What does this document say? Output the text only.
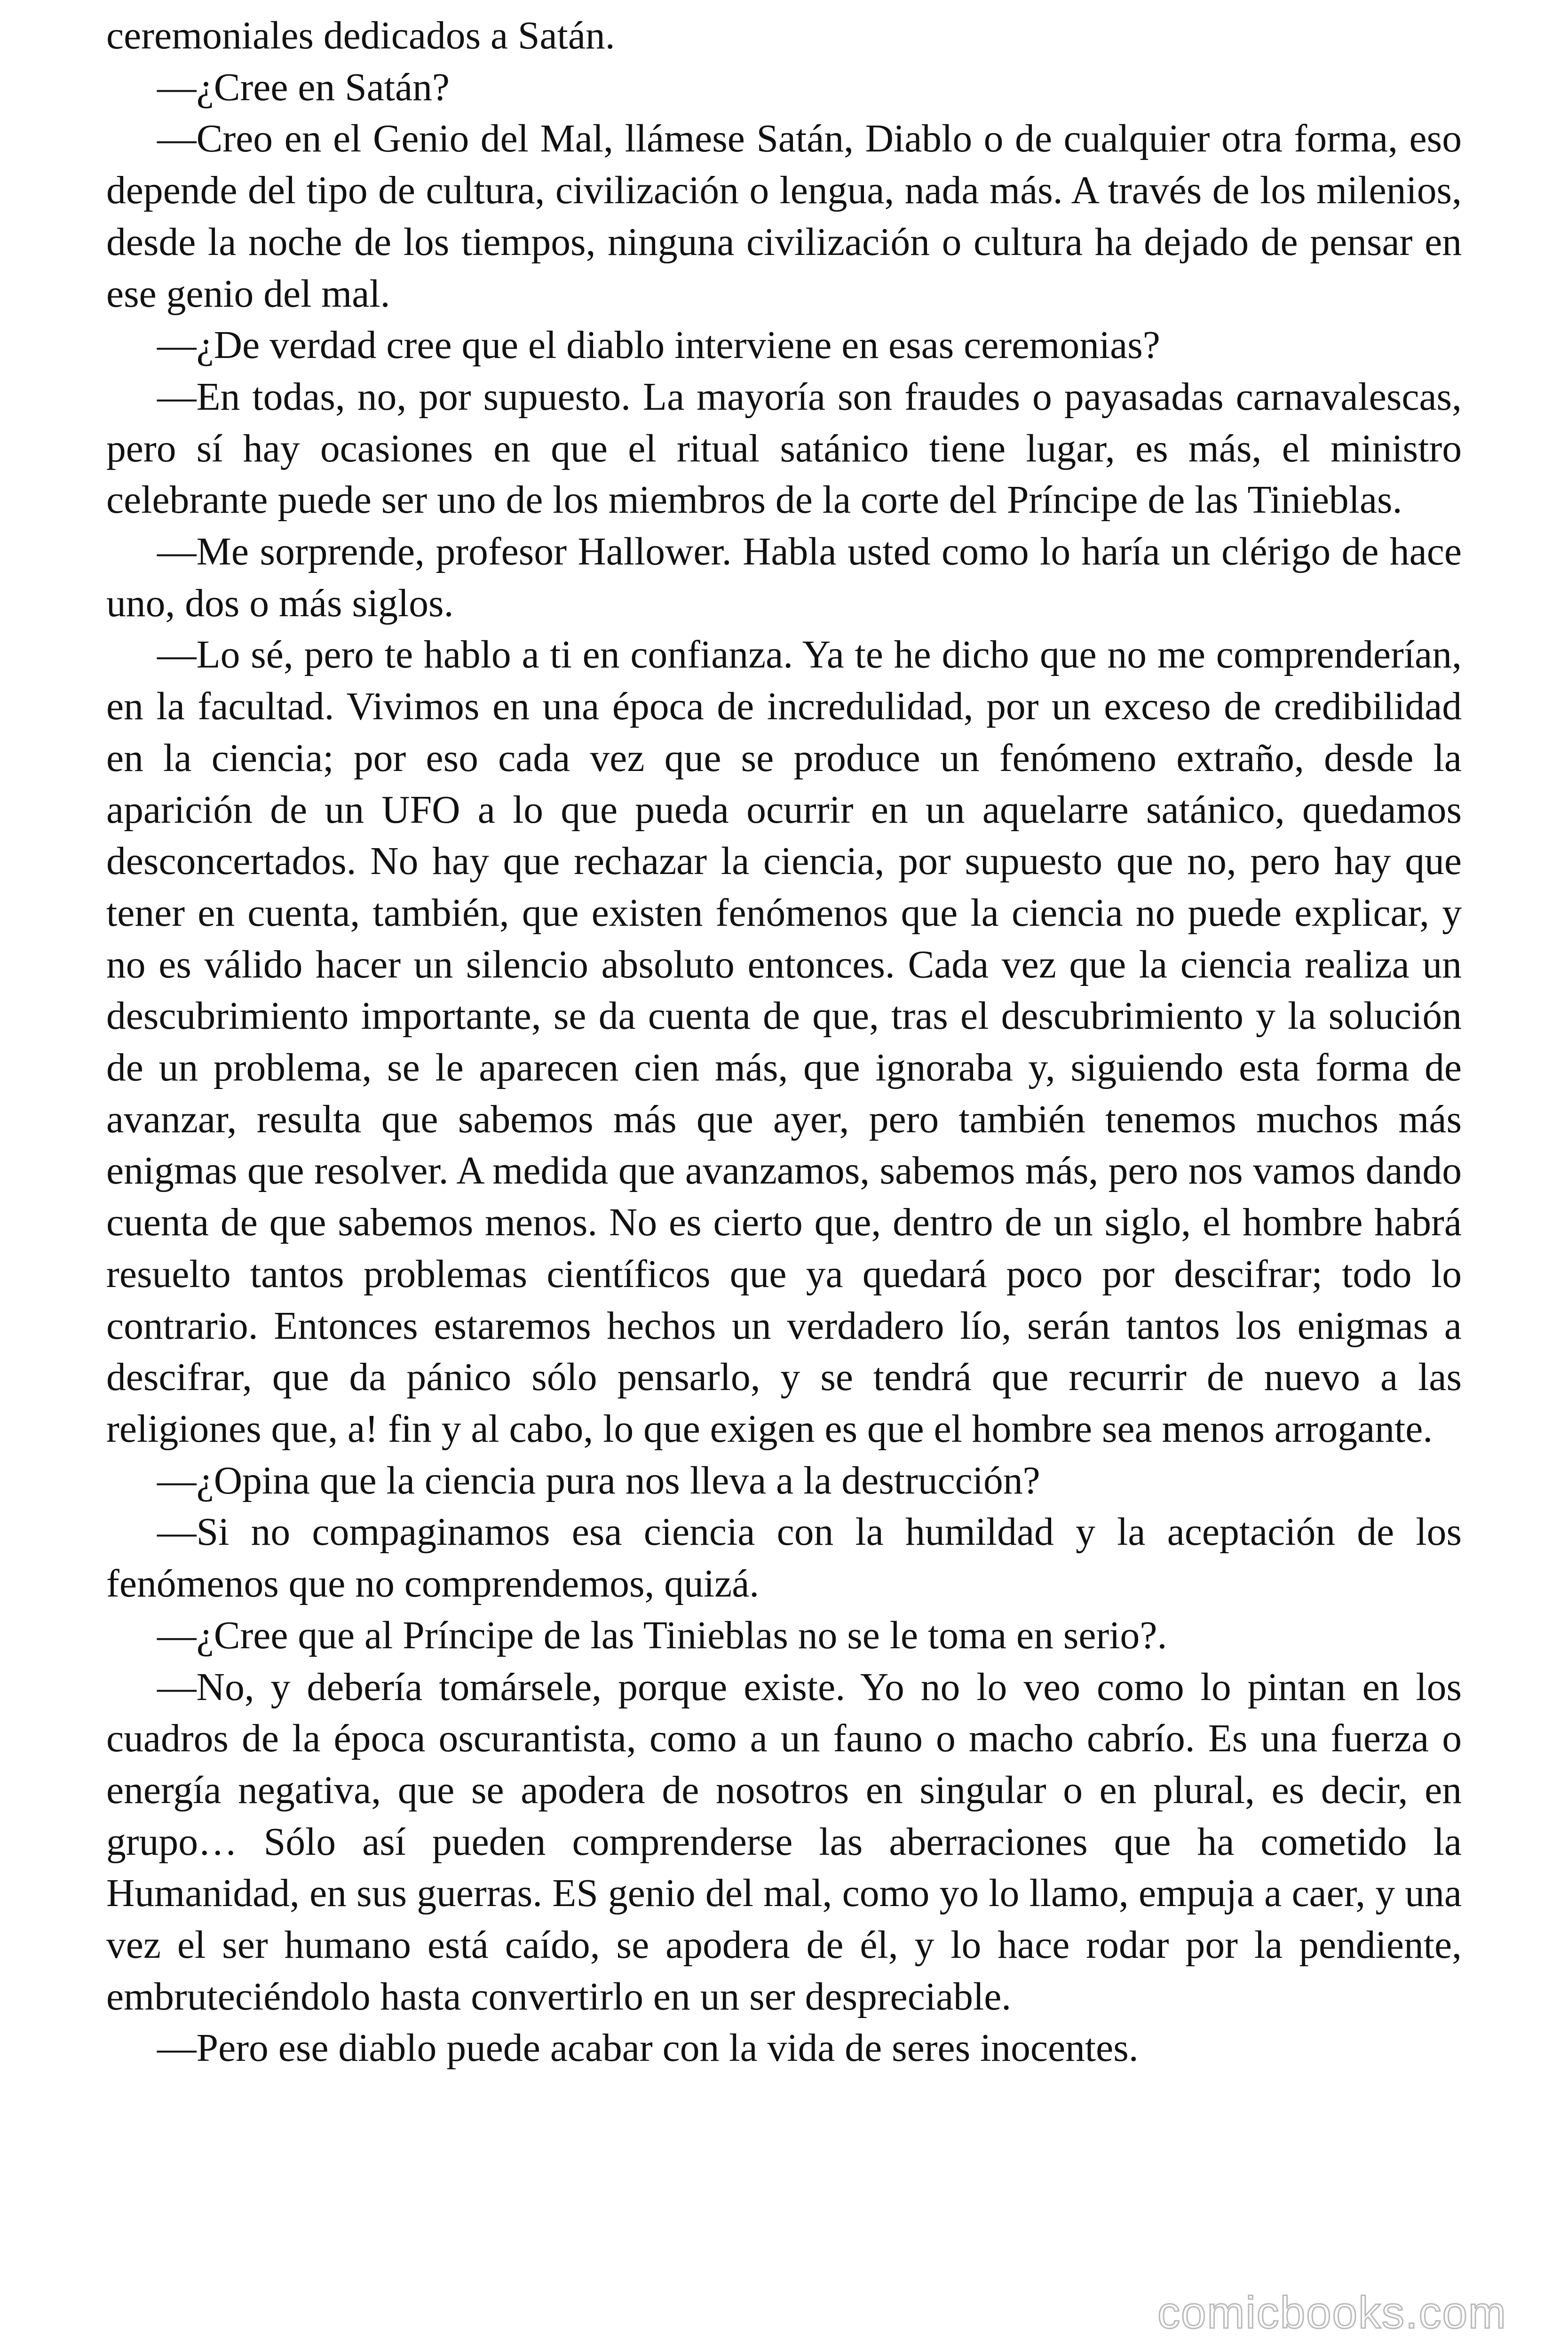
ceremoniales dedicados a Satán.

—¿Cree en Satán?

—Creo en el Genio del Mal, llámese Satán, Diablo o de cualquier otra forma, eso depende del tipo de cultura, civilización o lengua, nada más. A través de los milenios, desde la noche de los tiempos, ninguna civilización o cultura ha dejado de pensar en ese genio del mal.

—¿De verdad cree que el diablo interviene en esas ceremonias?

—En todas, no, por supuesto. La mayoría son fraudes o payasadas carnavalescas, pero sí hay ocasiones en que el ritual satánico tiene lugar, es más, el ministro celebrante puede ser uno de los miembros de la corte del Príncipe de las Tinieblas.

—Me sorprende, profesor Hallower. Habla usted como lo haría un clérigo de hace uno, dos o más siglos.

—Lo sé, pero te hablo a ti en confianza. Ya te he dicho que no me comprenderían, en la facultad. Vivimos en una época de incredulidad, por un exceso de credibilidad en la ciencia; por eso cada vez que se produce un fenómeno extraño, desde la aparición de un UFO a lo que pueda ocurrir en un aquelarre satánico, quedamos desconcertados. No hay que rechazar la ciencia, por supuesto que no, pero hay que tener en cuenta, también, que existen fenómenos que la ciencia no puede explicar, y no es válido hacer un silencio absoluto entonces. Cada vez que la ciencia realiza un descubrimiento importante, se da cuenta de que, tras el descubrimiento y la solución de un problema, se le aparecen cien más, que ignoraba y, siguiendo esta forma de avanzar, resulta que sabemos más que ayer, pero también tenemos muchos más enigmas que resolver. A medida que avanzamos, sabemos más, pero nos vamos dando cuenta de que sabemos menos. No es cierto que, dentro de un siglo, el hombre habrá resuelto tantos problemas científicos que ya quedará poco por descifrar; todo lo contrario. Entonces estaremos hechos un verdadero lío, serán tantos los enigmas a descifrar, que da pánico sólo pensarlo, y se tendrá que recurrir de nuevo a las religiones que, a! fin y al cabo, lo que exigen es que el hombre sea menos arrogante.

—¿Opina que la ciencia pura nos lleva a la destrucción?

—Si no compaginamos esa ciencia con la humildad y la aceptación de los fenómenos que no comprendemos, quizá.

—¿Cree que al Príncipe de las Tinieblas no se le toma en serio?.

—No, y debería tomársele, porque existe. Yo no lo veo como lo pintan en los cuadros de la época oscurantista, como a un fauno o macho cabrío. Es una fuerza o energía negativa, que se apodera de nosotros en singular o en plural, es decir, en grupo… Sólo así pueden comprenderse las aberraciones que ha cometido la Humanidad, en sus guerras. ES genio del mal, como yo lo llamo, empuja a caer, y una vez el ser humano está caído, se apodera de él, y lo hace rodar por la pendiente, embruteciéndolo hasta convertirlo en un ser despreciable.

—Pero ese diablo puede acabar con la vida de seres inocentes.

comicbooks.com
